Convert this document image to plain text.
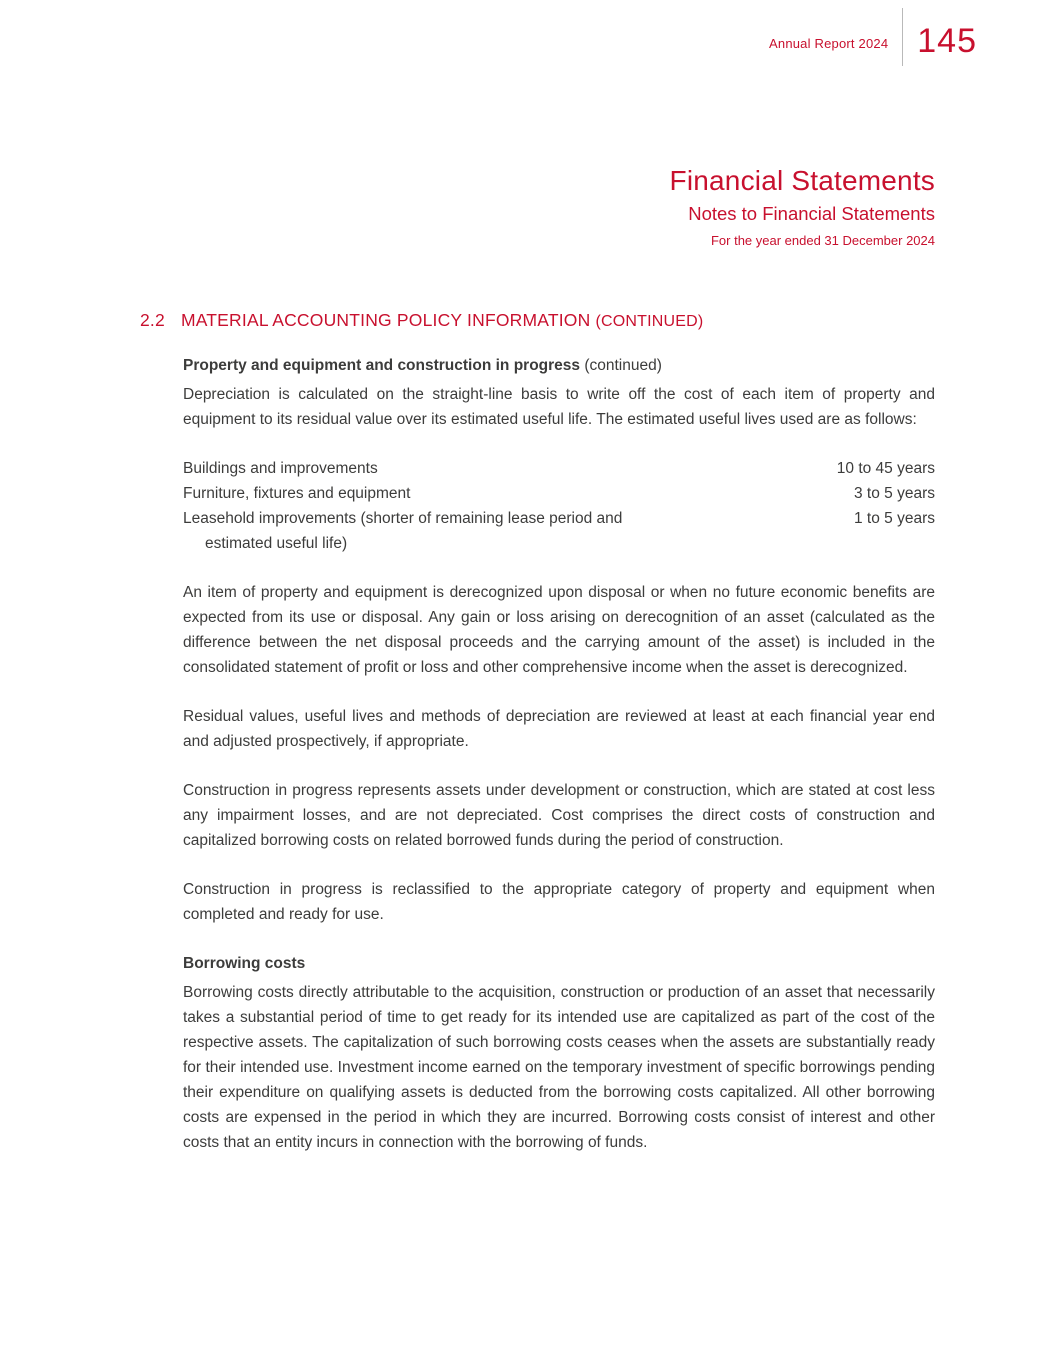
Annual Report 2024 145
Financial Statements
Notes to Financial Statements
For the year ended 31 December 2024
2.2 MATERIAL ACCOUNTING POLICY INFORMATION (CONTINUED)
Property and equipment and construction in progress (continued)

Depreciation is calculated on the straight-line basis to write off the cost of each item of property and equipment to its residual value over its estimated useful life. The estimated useful lives used are as follows:

Buildings and improvements	10 to 45 years
Furniture, fixtures and equipment	3 to 5 years
Leasehold improvements (shorter of remaining lease period and
estimated useful life)
1 to 5 years

An item of property and equipment is derecognized upon disposal or when no future economic benefits are expected from its use or disposal. Any gain or loss arising on derecognition of an asset (calculated as the difference between the net disposal proceeds and the carrying amount of the asset) is included in the consolidated statement of profit or loss and other comprehensive income when the asset is derecognized.

Residual values, useful lives and methods of depreciation are reviewed at least at each financial year end and adjusted prospectively, if appropriate.

Construction in progress represents assets under development or construction, which are stated at cost less any impairment losses, and are not depreciated. Cost comprises the direct costs of construction and capitalized borrowing costs on related borrowed funds during the period of construction.

Construction in progress is reclassified to the appropriate category of property and equipment when completed and ready for use.

Borrowing costs

Borrowing costs directly attributable to the acquisition, construction or production of an asset that necessarily takes a substantial period of time to get ready for its intended use are capitalized as part of the cost of the respective assets. The capitalization of such borrowing costs ceases when the assets are substantially ready for their intended use. Investment income earned on the temporary investment of specific borrowings pending their expenditure on qualifying assets is deducted from the borrowing costs capitalized. All other borrowing costs are expensed in the period in which they are incurred. Borrowing costs consist of interest and other costs that an entity incurs in connection with the borrowing of funds.
